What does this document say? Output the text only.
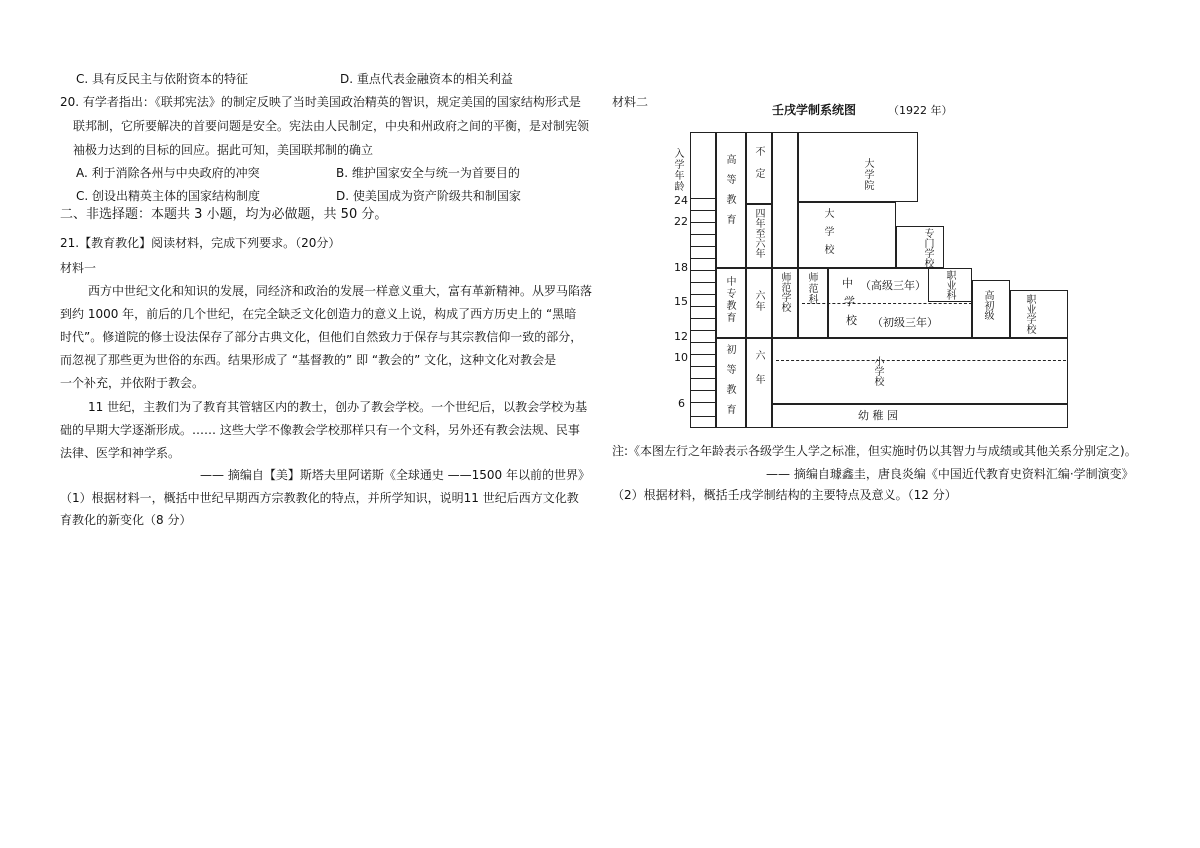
C. 具有反民主与依附资本的特征	D. 重点代表金融资本的相关利益
20. 有学者指出：《联邦宪法》的制定反映了当时美国政治精英的智识，规定美国的国家结构形式是
联邦制，它所要解决的首要问题是安全。宪法由人民制定，中央和州政府之间的平衡，是对制宪领
袖极力达到的目标的回应。据此可知，美国联邦制的确立
A. 利于消除各州与中央政府的冲突	B. 维护国家安全与统一为首要目的
C. 创设出精英主体的国家结构制度	D. 使美国成为资产阶级共和制国家
二、非选择题：本题共 3 小题，均为必做题，共 50 分。
21.【教育教化】阅读材料，完成下列要求。（20分）
材料一
西方中世纪文化和知识的发展，同经济和政治的发展一样意义重大，富有革新精神。从罗马陷落
到约 1000 年，前后的几个世纪，在完全缺乏文化创造力的意义上说，构成了西方历史上的 “黑暗
时代”。修道院的修士设法保存了部分古典文化，但他们自然致力于保存与其宗教信仰一致的部分，
而忽视了那些更为世俗的东西。结果形成了 “基督教的” 即 “教会的” 文化，这种文化对教会是
一个补充，并依附于教会。
11 世纪，主教们为了教育其管辖区内的教士，创办了教会学校。一个世纪后，以教会学校为基
础的早期大学逐渐形成。…… 这些大学不像教会学校那样只有一个文科，另外还有教会法规、民事
法律、医学和神学系。
—— 摘编自【美】斯塔夫里阿诺斯《全球通史 ——1500 年以前的世界》
（1）根据材料一，概括中世纪早期西方宗教教化的特点，并所学知识，说明11 世纪后西方文化教
育教化的新变化（8 分）
材料二
壬戌学制系统图	（1922 年）
入学年龄
24
22
18
15
12
10
6
高等教育
中专教育
初等教育
不定
四年至六年
六年
六年
大学院
大学校	专门学校
师范学校 师范科 中 （高级三年）
学
校 （初级三年）
职业科
高初级	职业学校
小学校
幼 稚 园
注:《本图左行之年龄表示各级学生人学之标准，但实施时仍以其智力与成绩或其他关系分别定之)。
—— 摘编自璩鑫圭，唐良炎编《中国近代教育史资料汇编·学制演变》
（2）根据材料，概括壬戌学制结构的主要特点及意义。（12 分）
